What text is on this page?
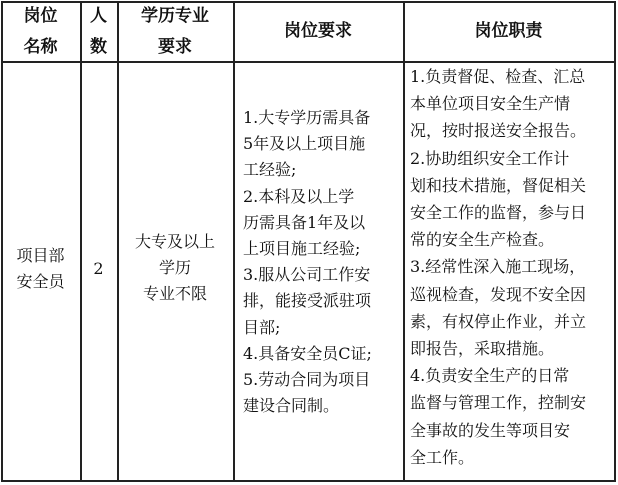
岗位
名称
人
数
学历专业
要求
岗位要求	岗位职责
项目部
安全员
2
大专及以上
学历
专业不限
1.大专学历需具备
5年及以上项目施
工经验;
2.本科及以上学
历需具备1年及以
上项目施工经验;
3.服从公司工作安
排，能接受派驻项
目部;
4.具备安全员C证;
5.劳动合同为项目
建设合同制。
1.负责督促、检查、汇总
本单位项目安全生产情
况，按时报送安全报告。
2.协助组织安全工作计
划和技术措施，督促相关
安全工作的监督，参与日
常的安全生产检查。
3.经常性深入施工现场，
巡视检查，发现不安全因
素，有权停止作业，并立
即报告，采取措施。
4.负责安全生产的日常
监督与管理工作，控制安
全事故的发生等项目安
全工作。
